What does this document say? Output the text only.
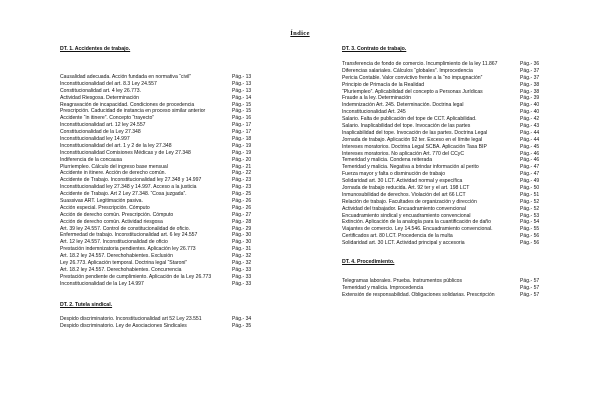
Índice
DT. 1. Accidentes de trabajo.
Causalidad adecuada. Acción fundada en normativa “civil”	Pág.- 13
Inconstitucionalidad del art. 8.3 Ley 24.557	Pág.- 13
Constitucionalidad art. 4 ley 26.773.	Pág.- 13
Actividad Riesgosa. Determinación	Pág.- 14
Reagravación de incapacidad. Condiciones de procedencia	Pág.- 15
Prescripción. Caducidad de instancia en proceso similar anterior	Pág.- 15
Accidente “in itinere”. Concepto “trayecto”	Pág.- 16
Inconstitucionalidad art. 12 ley 24.557	Pág.- 17
Constitucionalidad de la Ley 27.348	Pág.- 17
Inconstitucionalidad ley 14.997	Pág.- 18
Inconstitucionalidad del art. 1 y 2 de la ley 27.348	Pág.- 19
Inconstitucionalidad Comisiones Médicas y de Ley 27.348	Pág.- 19
Indiferencia de la concausa	Pág.- 20
Plurriempleo. Cálculo del ingreso base mensual	Pág.- 21
Accidente in itinere. Acción de derecho común.	Pág.- 22
Accidente de Trabajo. Inconstitucionalidad ley 27.348 y 14.997	Pág.- 23
Inconstitucionalidad ley 27.348 y 14.997. Acceso a la justicia	Pág.- 23
Accidente de Trabajo. Art 2 Ley 27.348. “Cosa juzgada”.	Pág.- 25
Suassivas ART. Legitimación pasiva.	Pág.- 26
Acción especial. Prescripción. Cómputo	Pág.- 26
Acción de derecho común. Prescripción. Cómputo	Pág.- 27
Acción de derecho común. Actividad riesgosa	Pág.- 28
Art. 39 ley 24.557. Control de constitucionalidad de oficio.	Pág.- 29
Enfermedad de trabajo. Inconstitucionalidad art. 6 ley 24.557	Pág.- 30
Art. 12 ley 24.557. Inconstitucionalidad de oficio	Pág.- 30
Prestación indemnizatoria pendientes. Aplicación ley 26.773	Pág.- 31
Art. 18.2 ley 24.557. Derechohabientes. Exclusión	Pág.- 32
Ley 26.773. Aplicación temporal. Doctrina legal “Staroni”	Pág.- 32
Art. 18.2 ley 24.557. Derechohabientes. Concurrencia	Pág.- 33
Prestación pendiente de cumplimiento. Aplicación de la Ley 26.773	Pág.- 33
Inconstitucionalidad de la Ley 14.997	Pág.- 33
DT. 2. Tutela sindical.
Despido discriminatorio. Inconstitucionalidad art 52 Ley 23.551	Pág.- 34
Despido discriminatorio. Ley de Asociaciones Sindicales	Pág.- 35
DT. 3. Contrato de trabajo.
Transferencia de fondo de comercio. Incumplimiento de la ley 11.867	Pág.- 36
Diferencias salariales. Cálculos “globales”. Improcedencia	Pág.- 37
Pericia Contable. Valor convictivo frente a la “no impugnación”	Pág.- 37
Principio de Primacía de la Realidad	Pág.- 38
“Pluriempleo”. Aplicabilidad del concepto a Personas Jurídicas	Pág.- 38
Fraude a la ley. Determinación	Pág.- 39
Indemnización Art. 245. Determinación. Doctrina legal	Pág.- 40
Inconstitucionalidad Art. 245	Pág.- 40
Salario. Falta de publicación del tope de CCT. Aplicabilidad.	Pág.- 42
Salario. Inaplicabilidad del tope. Invocación de las partes	Pág.- 43
Inaplicabilidad del tope. Invocación de las partes. Doctrina Legal	Pág.- 44
Jornada de trabajo. Aplicación 92 ter. Exceso en el límite legal	Pág.- 44
Intereses moratorios. Doctrina Legal SCBA. Aplicación Tasa BIP	Pág.- 45
Intereses moratorios. No aplicación Art. 770 del CCyC	Pág.- 46
Temeridad y malicia. Condena reiterada	Pág.- 46
Temeridad y malicia. Negativa a brindar información al perito	Pág.- 47
Fuerza mayor y falta o disminución de trabajo	Pág.- 47
Solidaridad art. 30 LCT. Actividad normal y específica	Pág.- 49
Jornada de trabajo reducida. Art. 92 ter y el art. 198 LCT	Pág.- 50
Inmunosubilidad de derechos. Violación del art 66 LCT	Pág.- 51
Relación de trabajo. Facultades de organización y dirección	Pág.- 52
Actividad del trabajador. Encuadramiento convencional	Pág.- 52
Encuadramiento sindical y encuadramiento convencional	Pág.- 53
Extinción. Aplicación de la analogía para la cuantificación de daño	Pág.- 54
Viajantes de comercio. Ley 14.546. Encuadramiento convencional.	Pág.- 55
Certificados art. 80 LCT. Procedencia de la multa	Pág.- 56
Solidaridad art. 30 LCT. Actividad principal y accesoria	Pág.- 56
DT. 4. Procedimiento.
Telegramas laborales. Prueba. Instrumentos públicos	Pág.- 57
Temeridad y malicia. Improcedencia	Pág.- 57
Extensión de responsabilidad. Obligaciones solidarias. Prescripción	Pág.- 57
